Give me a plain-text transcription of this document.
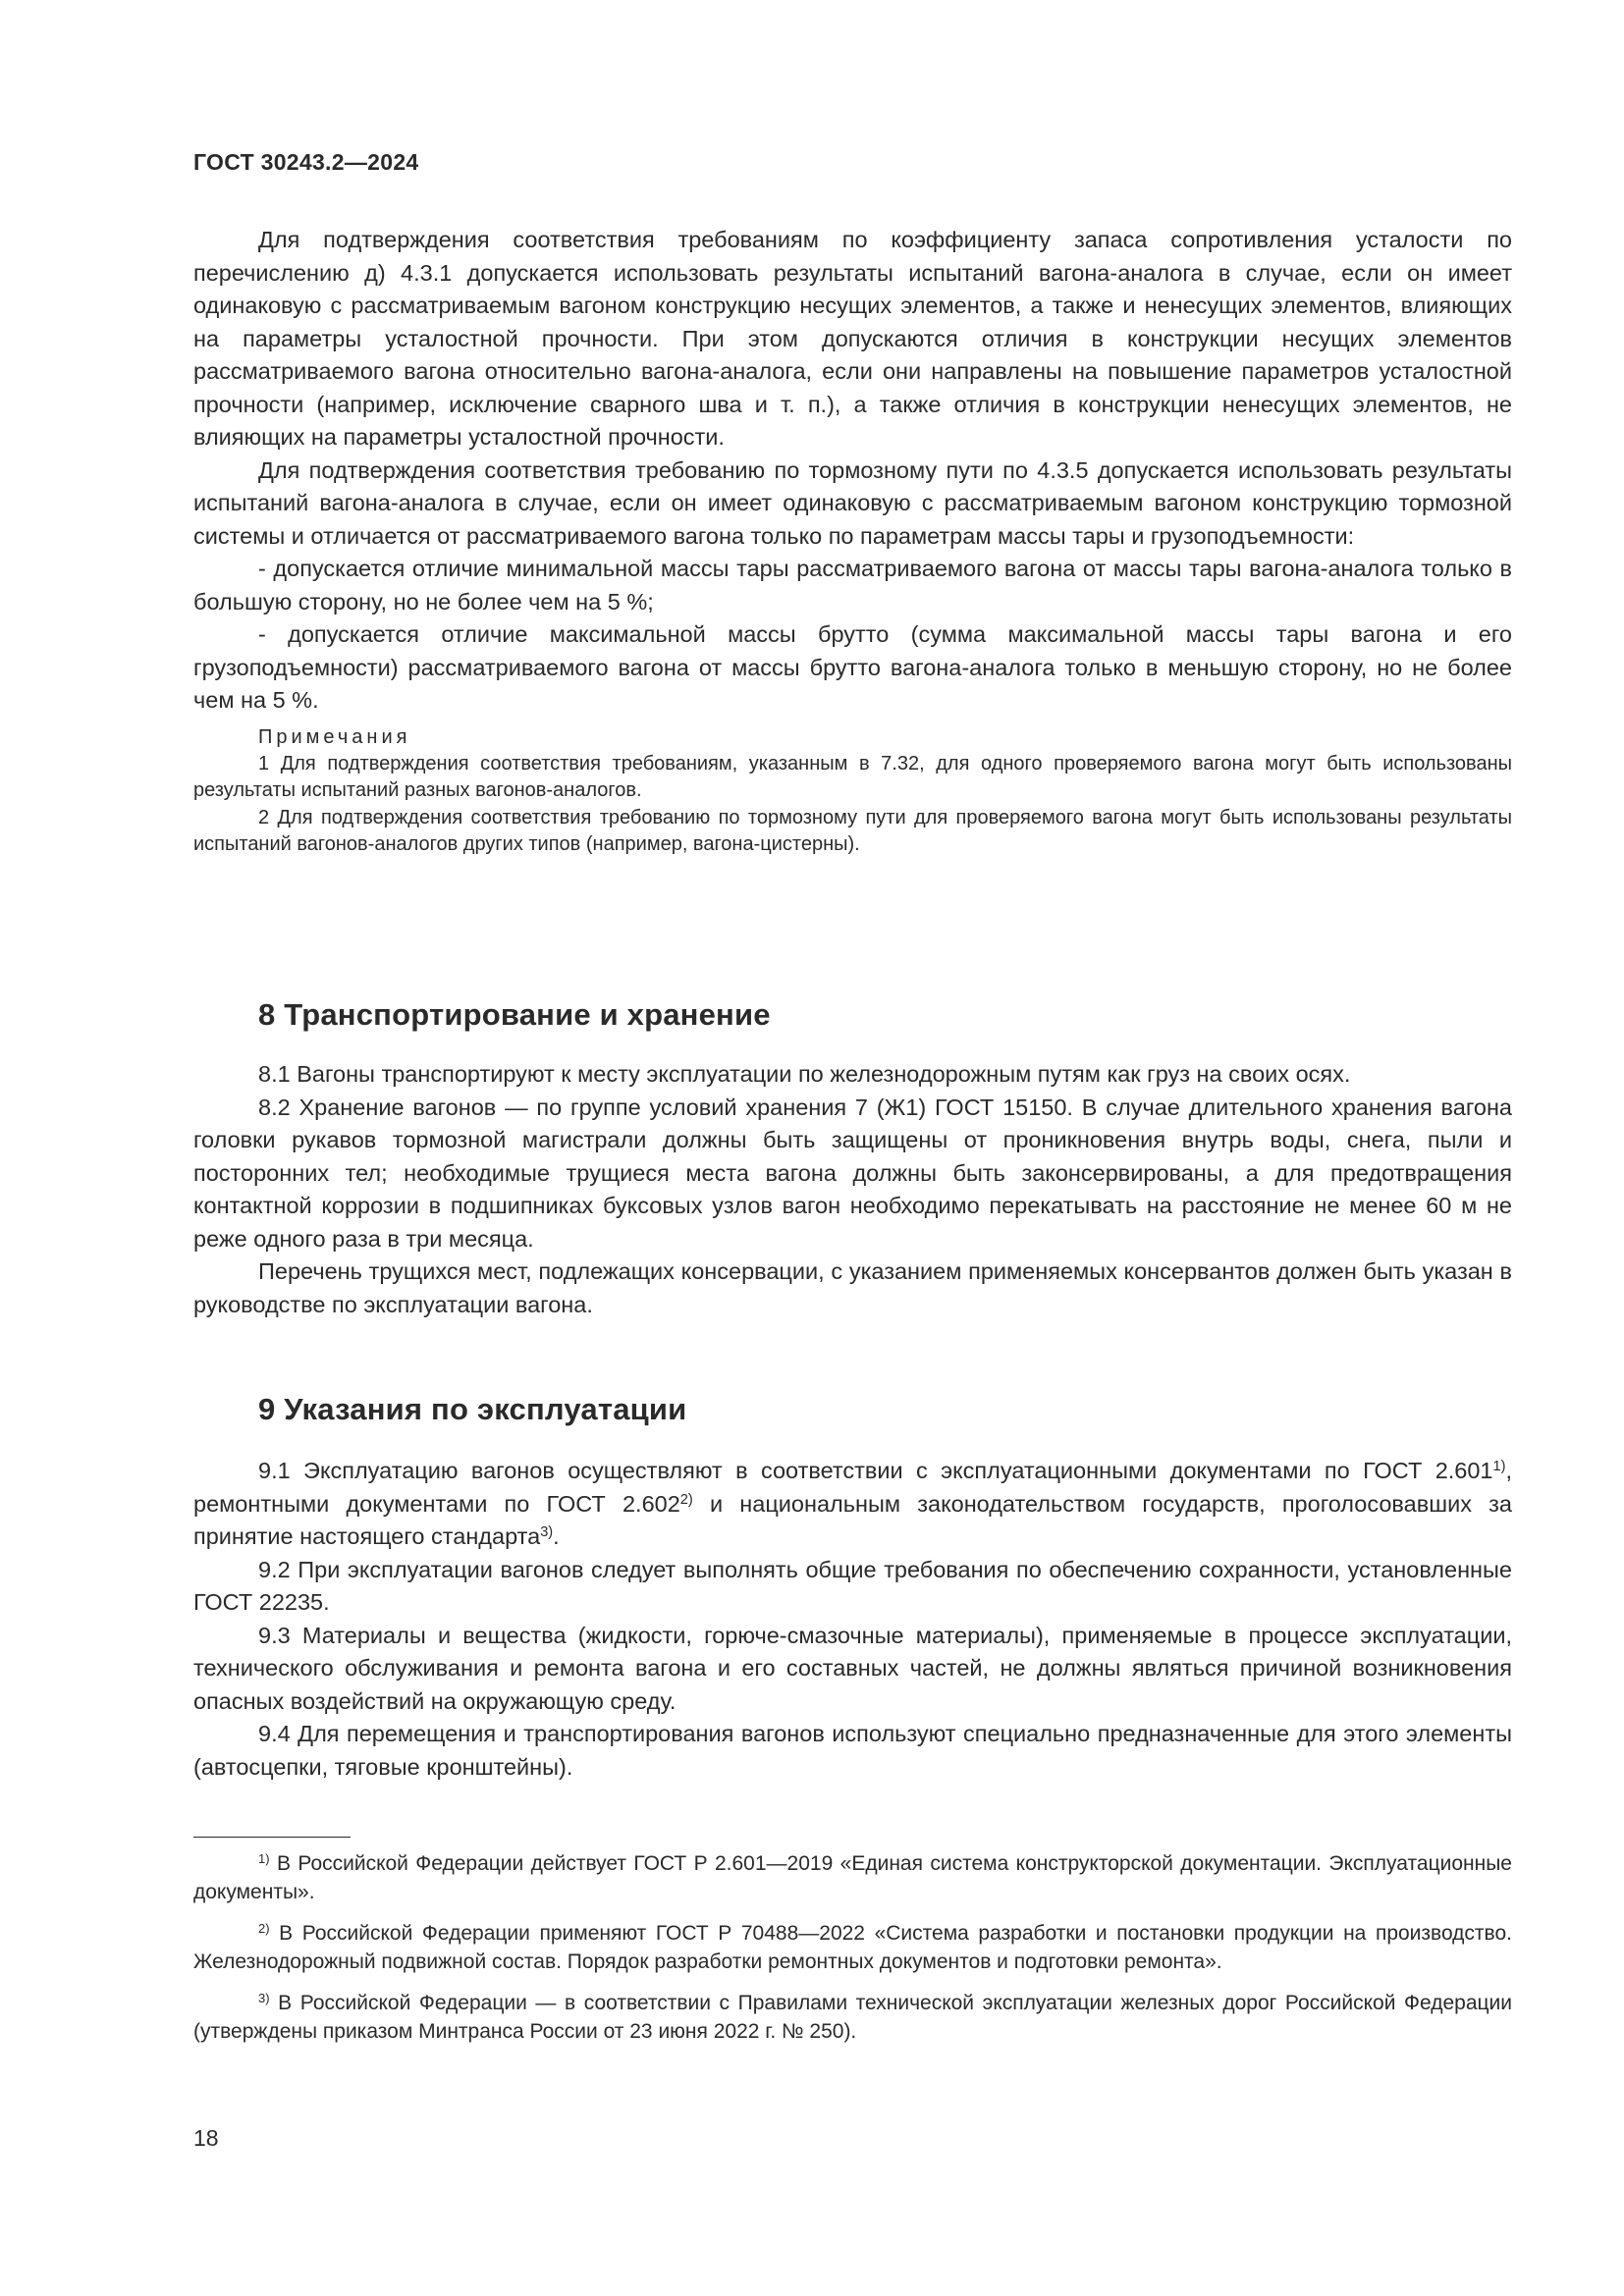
ГОСТ 30243.2—2024

Для подтверждения соответствия требованиям по коэффициенту запаса сопротивления усталости по перечислению д) 4.3.1 допускается использовать результаты испытаний вагона-аналога в случае, если он имеет одинаковую с рассматриваемым вагоном конструкцию несущих элементов, а также и ненесущих элементов, влияющих на параметры усталостной прочности. При этом допускаются отличия в конструкции несущих элементов рассматриваемого вагона относительно вагона-аналога, если они направлены на повышение параметров усталостной прочности (например, исключение сварного шва и т. п.), а также отличия в конструкции ненесущих элементов, не влияющих на параметры усталостной прочности.

Для подтверждения соответствия требованию по тормозному пути по 4.3.5 допускается использовать результаты испытаний вагона-аналога в случае, если он имеет одинаковую с рассматриваемым вагоном конструкцию тормозной системы и отличается от рассматриваемого вагона только по параметрам массы тары и грузоподъемности:

- допускается отличие минимальной массы тары рассматриваемого вагона от массы тары вагона-аналога только в большую сторону, но не более чем на 5 %;

- допускается отличие максимальной массы брутто (сумма максимальной массы тары вагона и его грузоподъемности) рассматриваемого вагона от массы брутто вагона-аналога только в меньшую сторону, но не более чем на 5 %.

Примечания

1 Для подтверждения соответствия требованиям, указанным в 7.32, для одного проверяемого вагона могут быть использованы результаты испытаний разных вагонов-аналогов.

2 Для подтверждения соответствия требованию по тормозному пути для проверяемого вагона могут быть использованы результаты испытаний вагонов-аналогов других типов (например, вагона-цистерны).

8 Транспортирование и хранение

8.1 Вагоны транспортируют к месту эксплуатации по железнодорожным путям как груз на своих осях.

8.2 Хранение вагонов — по группе условий хранения 7 (Ж1) ГОСТ 15150. В случае длительного хранения вагона головки рукавов тормозной магистрали должны быть защищены от проникновения внутрь воды, снега, пыли и посторонних тел; необходимые трущиеся места вагона должны быть законсервированы, а для предотвращения контактной коррозии в подшипниках буксовых узлов вагон необходимо перекатывать на расстояние не менее 60 м не реже одного раза в три месяца.

Перечень трущихся мест, подлежащих консервации, с указанием применяемых консервантов должен быть указан в руководстве по эксплуатации вагона.

9 Указания по эксплуатации

9.1 Эксплуатацию вагонов осуществляют в соответствии с эксплуатационными документами по ГОСТ 2.601$^{1)}$, ремонтными документами по ГОСТ 2.602$^{2)}$ и национальным законодательством государств, проголосовавших за принятие настоящего стандарта$^{3)}$.

9.2 При эксплуатации вагонов следует выполнять общие требования по обеспечению сохранности, установленные ГОСТ 22235.

9.3 Материалы и вещества (жидкости, горюче-смазочные материалы), применяемые в процессе эксплуатации, технического обслуживания и ремонта вагона и его составных частей, не должны являться причиной возникновения опасных воздействий на окружающую среду.

9.4 Для перемещения и транспортирования вагонов используют специально предназначенные для этого элементы (автосцепки, тяговые кронштейны).

$^{1)}$ В Российской Федерации действует ГОСТ Р 2.601—2019 «Единая система конструкторской документации. Эксплуатационные документы».

$^{2)}$ В Российской Федерации применяют ГОСТ Р 70488—2022 «Система разработки и постановки продукции на производство. Железнодорожный подвижной состав. Порядок разработки ремонтных документов и подготовки ремонта».

$^{3)}$ В Российской Федерации — в соответствии с Правилами технической эксплуатации железных дорог Российской Федерации (утверждены приказом Минтранса России от 23 июня 2022 г. № 250).

18
